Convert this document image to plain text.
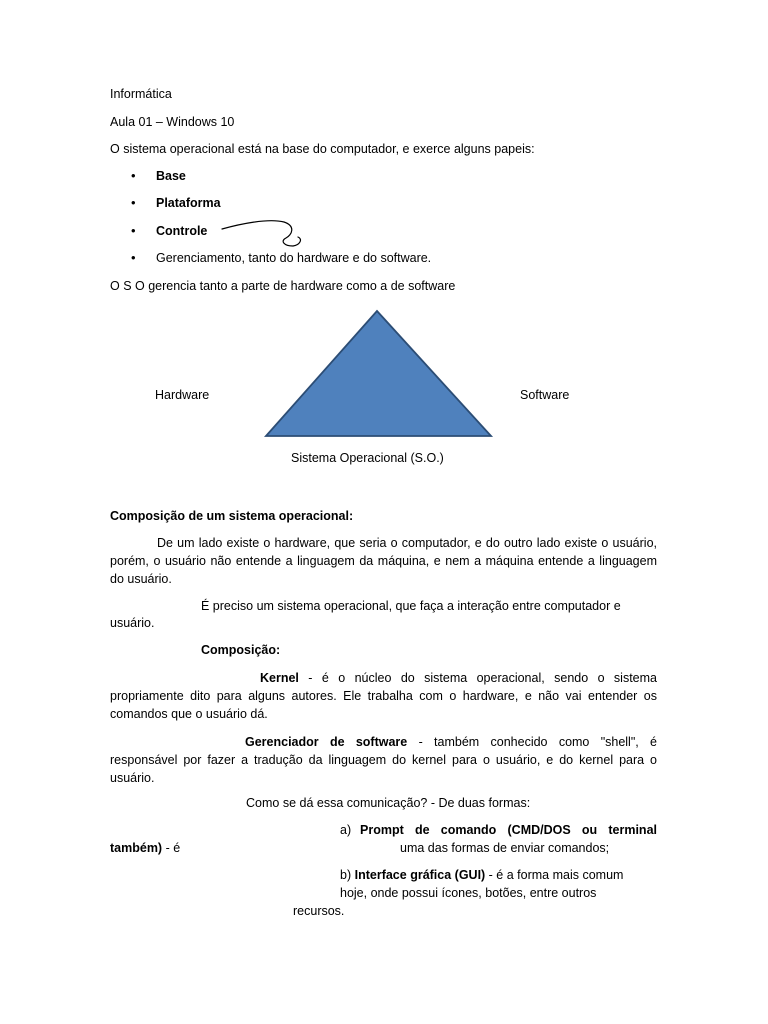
Informática
Aula 01 – Windows 10
O sistema operacional está na base do computador, e exerce alguns papeis:
• Base
• Plataforma
• Controle
• Gerenciamento, tanto do hardware e do software.
O S O gerencia tanto a parte de hardware como a de software
Hardware	Software
Sistema Operacional (S.O.)
Composição de um sistema operacional:
De um lado existe o hardware, que seria o computador, e do outro lado existe o usuário, porém, o usuário não entende a linguagem da máquina, e nem a máquina entende a linguagem do usuário.
É preciso um sistema operacional, que faça a interação entre computador e
usuário.
Composição:
Kernel - é o núcleo do sistema operacional, sendo o sistema propriamente dito para alguns autores. Ele trabalha com o hardware, e não vai entender os comandos que o usuário dá.
Gerenciador de software - também conhecido como "shell", é responsável por fazer a tradução da linguagem do kernel para o usuário, e do kernel para o usuário.
Como se dá essa comunicação? - De duas formas:
a) Prompt de comando (CMD/DOS ou terminal
também) - é	uma das formas de enviar comandos;
b) Interface gráfica (GUI) - é a forma mais comum
hoje, onde possui ícones, botões, entre outros
recursos.
